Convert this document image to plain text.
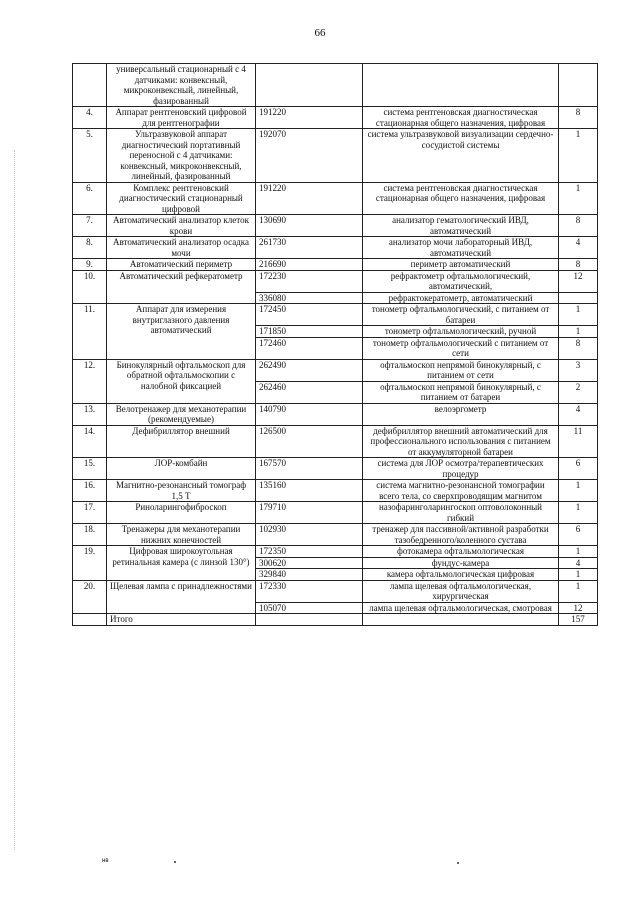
66
	универсальный стационарный с 4 датчиками: конвексный, микроконвексный, линейный, фазированный			
4.	Аппарат рентгеновский цифровой для рентгенографии	191220	система рентгеновская диагностическая стационарная общего назначения, цифровая	8
5.	Ультразвуковой аппарат диагностический портативный переносной с 4 датчиками: конвексный, микроконвексный, линейный, фазированный	192070	система ультразвуковой визуализации сердечно-сосудистой системы	1
6.	Комплекс рентгеновский диагностический стационарный цифровой	191220	система рентгеновская диагностическая стационарная общего назначения, цифровая	1
7.	Автоматический анализатор клеток крови	130690	анализатор гематологический ИВД, автоматический	8
8.	Автоматический анализатор осадка мочи	261730	анализатор мочи лабораторный ИВД, автоматический	4
9.	Автоматический периметр	216690	периметр автоматический	8
10.	Автоматический рефкератометр	172230	рефрактометр офтальмологический, автоматический,	12
		336080	рефрактокератометр, автоматический	
11.	Аппарат для измерения внутриглазного давления автоматический	172450	тонометр офтальмологический, с питанием от батареи	1
		171850	тонометр офтальмологический, ручной	1
		172460	тонометр офтальмологический с питанием от сети	8
12.	Бинокулярный офтальмоскоп для обратной офтальмоскопии с налобной фиксацией	262490	офтальмоскоп непрямой бинокулярный, с питанием от сети	3
		262460	офтальмоскоп непрямой бинокулярный, с питанием от батареи	2
13.	Велотренажер для механотерапии (рекомендуемые)	140790	велоэргометр	4
14.	Дефибриллятор внешний	126500	дефибриллятор внешний автоматический для профессионального использования с питанием от аккумуляторной батареи	11
15.	ЛОР-комбайн	167570	система для ЛОР осмотра/терапевтических процедур	6
16.	Магнитно-резонансный томограф 1,5 Т	135160	система магнитно-резонансной томографии всего тела, со сверхпроводящим магнитом	1
17.	Риноларингофиброскоп	179710	назофаринголарингоскоп оптоволоконный гибкий	1
18.	Тренажеры для механотерапии нижних конечностей	102930	тренажер для пассивной/активной разработки тазобедренного/коленного сустава	6
19.	Цифровая широкоугольная ретинальная камера (с линзой 130°)	172350	фотокамера офтальмологическая	1
		300620	фундус-камера	4
		329840	камера офтальмологическая цифровая	1
20.	Щелевая лампа с принадлежностями	172330	лампа щелевая офтальмологическая, хирургическая	1
		105070	лампа щелевая офтальмологическая, смотровая	12
	Итого			157
нв
